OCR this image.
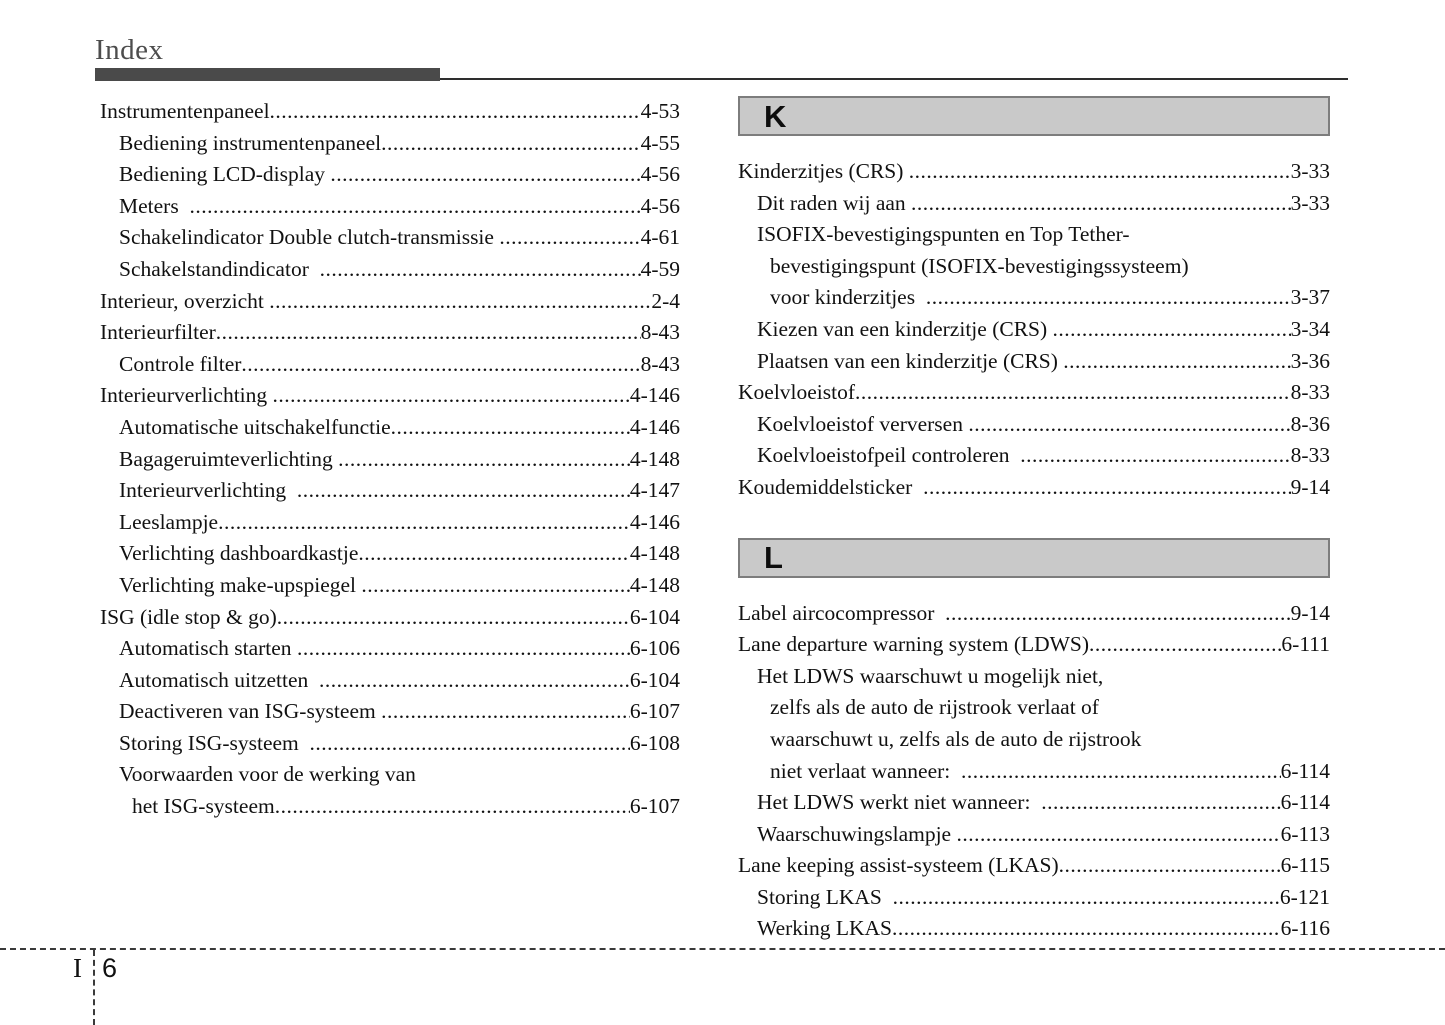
Index
Instrumentenpaneel .....	4-53
Bediening instrumentenpaneel .....	4-55
Bediening LCD-display .....	4-56
Meters .....	4-56
Schakelindicator Double clutch-transmissie .....	4-61
Schakelstandindicator .....	4-59
Interieur, overzicht .....	2-4
Interieurfilter .....	8-43
Controle filter .....	8-43
Interieurverlichting .....	4-146
Automatische uitschakelfunctie .....	4-146
Bagageruimteverlichting .....	4-148
Interieurverlichting .....	4-147
Leeslampje .....	4-146
Verlichting dashboardkastje .....	4-148
Verlichting make-upspiegel .....	4-148
ISG (idle stop & go) .....	6-104
Automatisch starten .....	6-106
Automatisch uitzetten .....	6-104
Deactiveren van ISG-systeem .....	6-107
Storing ISG-systeem .....	6-108
Voorwaarden voor de werking van
het ISG-systeem .....	6-107
K
Kinderzitjes (CRS) .....	3-33
Dit raden wij aan .....	3-33
ISOFIX-bevestigingspunten en Top Tether-
bevestigingspunt (ISOFIX-bevestigingssysteem)
voor kinderzitjes .....	3-37
Kiezen van een kinderzitje (CRS) .....	3-34
Plaatsen van een kinderzitje (CRS) .....	3-36
Koelvloeistof .....	8-33
Koelvloeistof verversen .....	8-36
Koelvloeistofpeil controleren .....	8-33
Koudemiddelsticker .....	9-14
L
Label aircocompressor .....	9-14
Lane departure warning system (LDWS) .....	6-111
Het LDWS waarschuwt u mogelijk niet,
zelfs als de auto de rijstrook verlaat of
waarschuwt u, zelfs als de auto de rijstrook
niet verlaat wanneer: .....	6-114
Het LDWS werkt niet wanneer: .....	6-114
Waarschuwingslampje .....	6-113
Lane keeping assist-systeem (LKAS) .....	6-115
Storing LKAS .....	6-121
Werking LKAS .....	6-116
I 6
